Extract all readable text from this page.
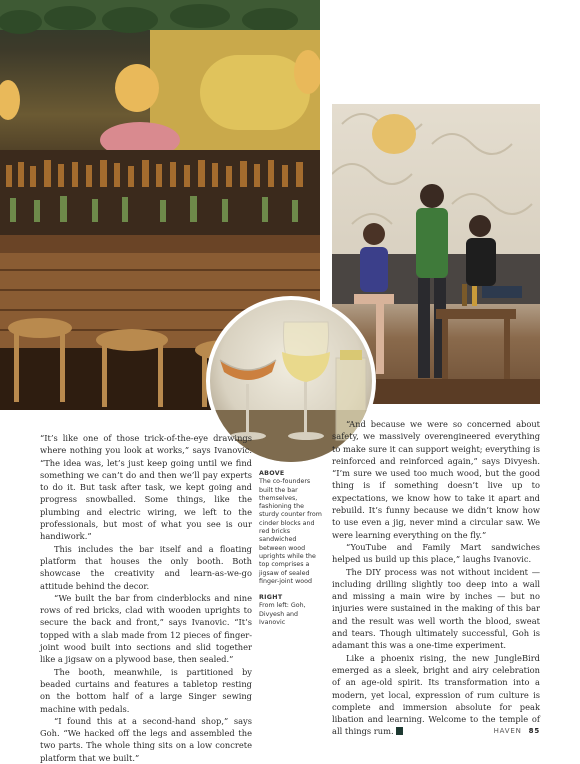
ABOVE
The co-founders built the bar themselves, fashioning the sturdy counter from cinder blocks and red bricks sandwiched between wood uprights while the top comprises a jigsaw of sealed finger-joint wood
RIGHT
From left: Goh, Divyesh and Ivanovic

“It’s like one of those trick-of-the-eye drawings where nothing you look at works,” says Ivanovic. “The idea was, let’s just keep going until we find something we can’t do and then we’ll pay experts to do it. But task after task, we kept going and progress snowballed. Some things, like the plumbing and electric wiring, we left to the professionals, but most of what you see is our handiwork.”

This includes the bar itself and a floating platform that houses the only booth. Both showcase the creativity and learn-as-we-go attitude behind the decor.

“We built the bar from cinderblocks and nine rows of red bricks, clad with wooden uprights to secure the back and front,” says Ivanovic. “It’s topped with a slab made from 12 pieces of finger-joint wood built into sections and slid together like a jigsaw on a plywood base, then sealed.”

The booth, meanwhile, is partitioned by beaded curtains and features a tabletop resting on the bottom half of a large Singer sewing machine with pedals.

“I found this at a second-hand shop,” says Goh. “We hacked off the legs and assembled the two parts. The whole thing sits on a low concrete platform that we built.”

“And because we were so concerned about safety, we massively overengineered everything to make sure it can support weight; everything is reinforced and reinforced again,” says Divyesh. “I’m sure we used too much wood, but the good thing is if something doesn’t live up to expectations, we know how to take it apart and rebuild. It’s funny because we didn’t know how to use even a jig, never mind a circular saw. We were learning everything on the fly.”

“YouTube and Family Mart sandwiches helped us build up this place,” laughs Ivanovic.

The DIY process was not without incident — including drilling slightly too deep into a wall and missing a main wire by inches — but no injuries were sustained in the making of this bar and the result was well worth the blood, sweat and tears. Though ultimately successful, Goh is adamant this was a one-time experiment.

Like a phoenix rising, the new JungleBird emerged as a sleek, bright and airy celebration of an age-old spirit. Its transformation into a modern, yet local, expression of rum culture is complete and immersion absolute for peak libation and learning. Welcome to the temple of all things rum.	HAVEN 85
